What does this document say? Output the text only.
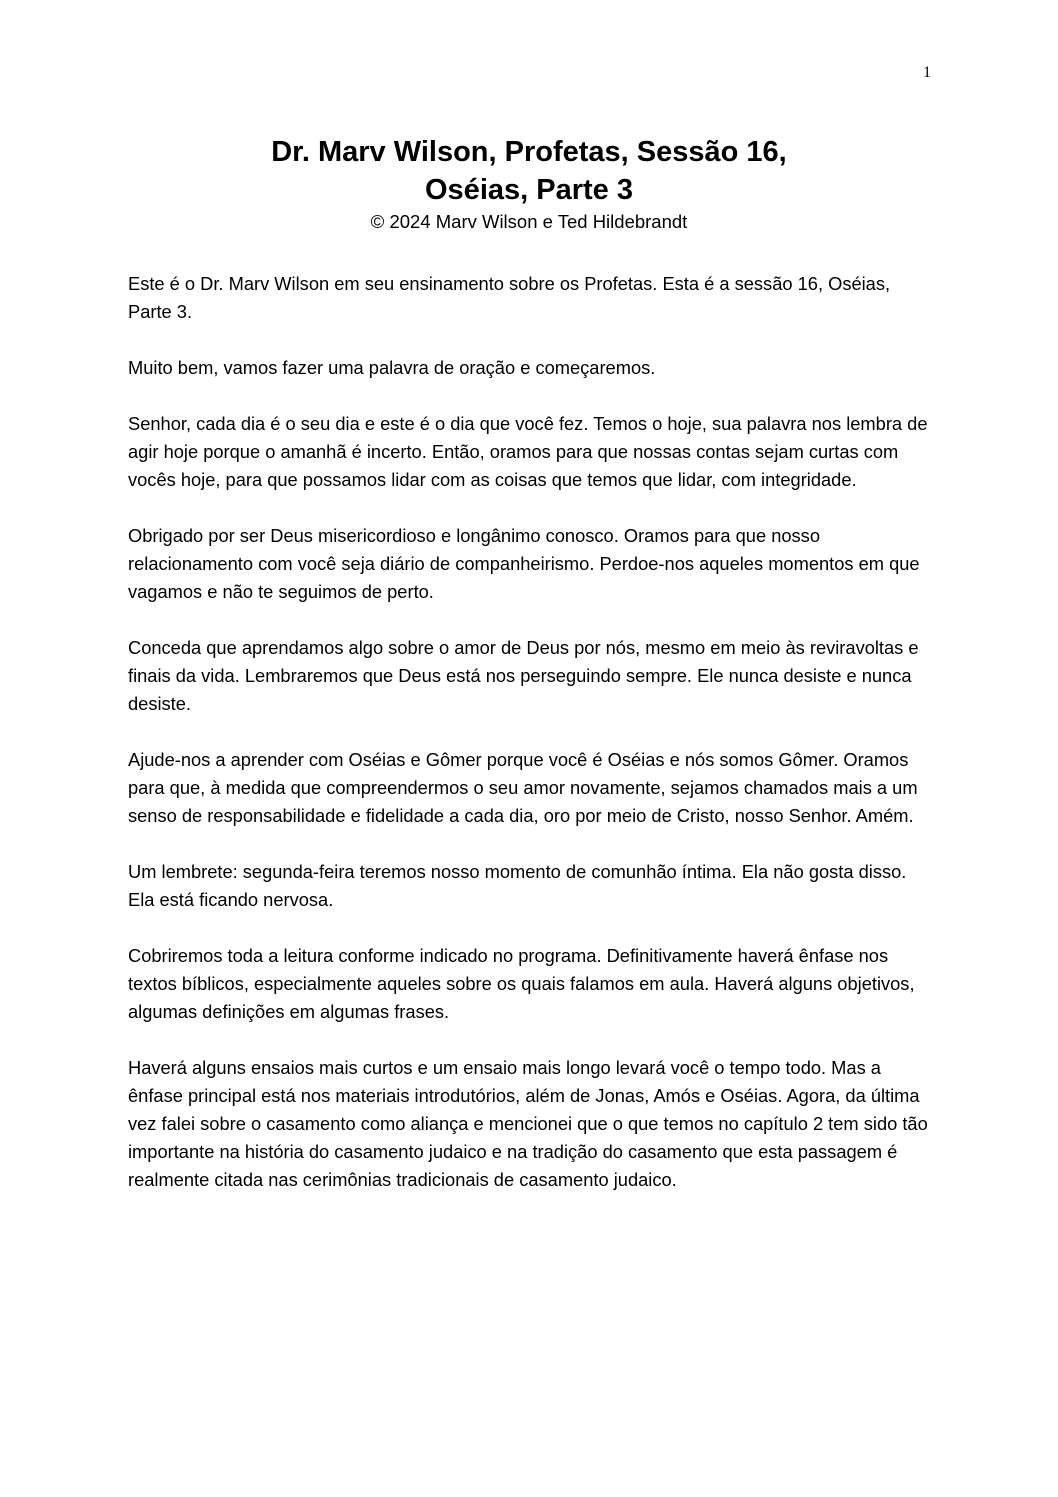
1
Dr. Marv Wilson, Profetas, Sessão 16,
Oséias, Parte 3
© 2024 Marv Wilson e Ted Hildebrandt

Este é o Dr. Marv Wilson em seu ensinamento sobre os Profetas. Esta é a sessão 16, Oséias, Parte 3.

Muito bem, vamos fazer uma palavra de oração e começaremos.

Senhor, cada dia é o seu dia e este é o dia que você fez. Temos o hoje, sua palavra nos lembra de agir hoje porque o amanhã é incerto. Então, oramos para que nossas contas sejam curtas com vocês hoje, para que possamos lidar com as coisas que temos que lidar, com integridade.

Obrigado por ser Deus misericordioso e longânimo conosco. Oramos para que nosso relacionamento com você seja diário de companheirismo. Perdoe-nos aqueles momentos em que vagamos e não te seguimos de perto.

Conceda que aprendamos algo sobre o amor de Deus por nós, mesmo em meio às reviravoltas e finais da vida. Lembraremos que Deus está nos perseguindo sempre. Ele nunca desiste e nunca desiste.

Ajude-nos a aprender com Oséias e Gômer porque você é Oséias e nós somos Gômer. Oramos para que, à medida que compreendermos o seu amor novamente, sejamos chamados mais a um senso de responsabilidade e fidelidade a cada dia, oro por meio de Cristo, nosso Senhor. Amém.

Um lembrete: segunda-feira teremos nosso momento de comunhão íntima. Ela não gosta disso. Ela está ficando nervosa.

Cobriremos toda a leitura conforme indicado no programa. Definitivamente haverá ênfase nos textos bíblicos, especialmente aqueles sobre os quais falamos em aula. Haverá alguns objetivos, algumas definições em algumas frases.

Haverá alguns ensaios mais curtos e um ensaio mais longo levará você o tempo todo. Mas a ênfase principal está nos materiais introdutórios, além de Jonas, Amós e Oséias. Agora, da última vez falei sobre o casamento como aliança e mencionei que o que temos no capítulo 2 tem sido tão importante na história do casamento judaico e na tradição do casamento que esta passagem é realmente citada nas cerimônias tradicionais de casamento judaico.
